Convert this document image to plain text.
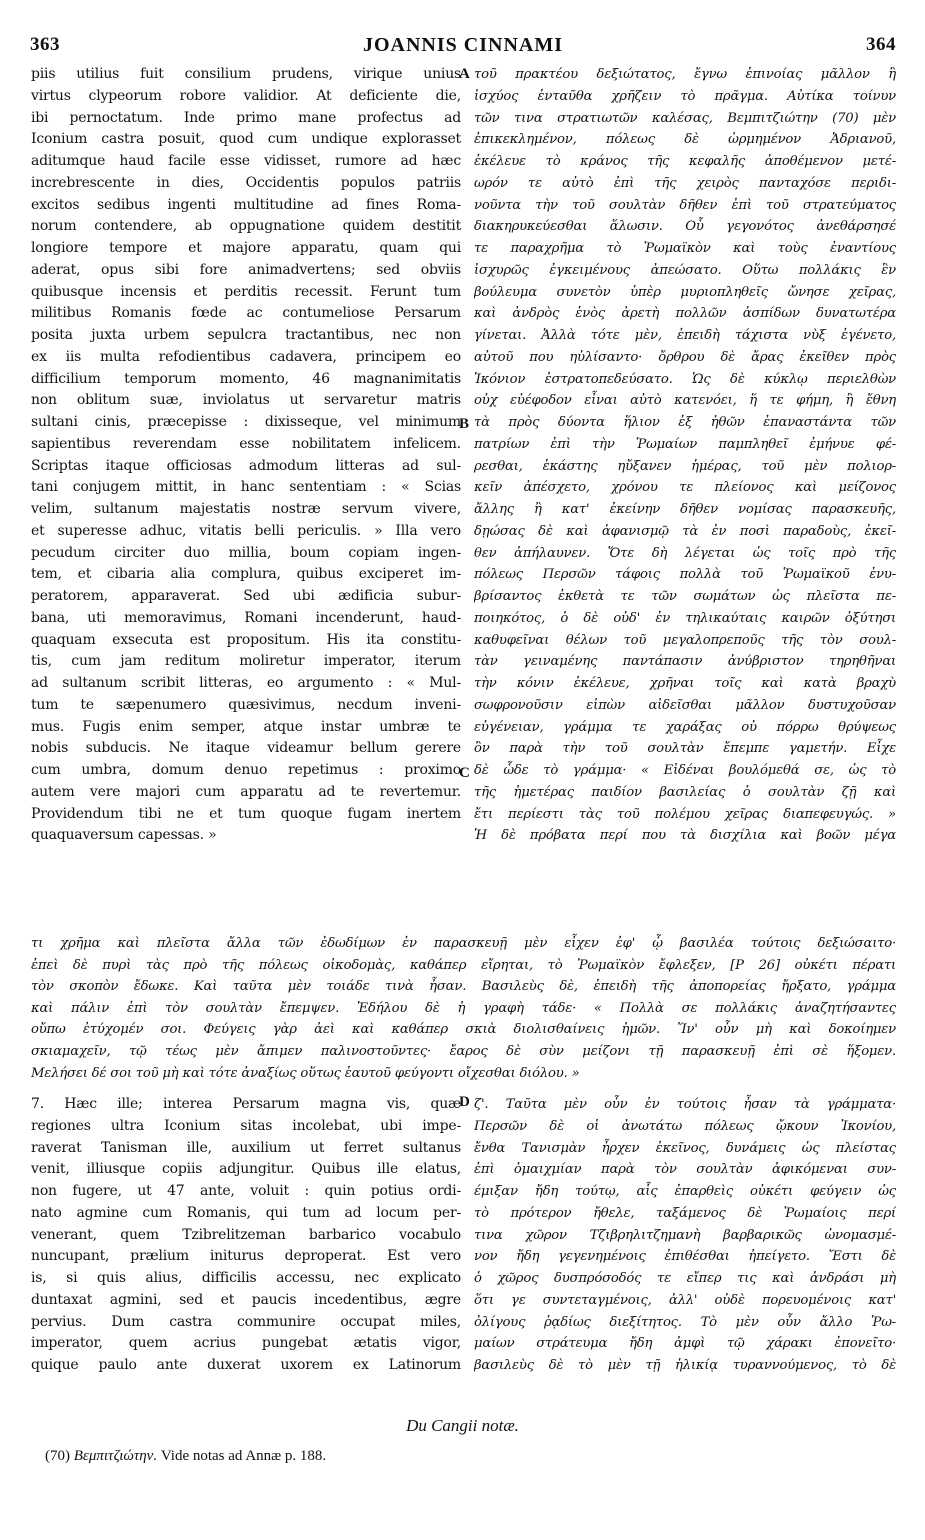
363	JOANNIS CINNAMI	364
piis utilius fuit consilium prudens, virique unius
virtus clypeorum robore validior. At deficiente die,
ibi pernoctatum. Inde primo mane profectus ad
Iconium castra posuit, quod cum undique explorasset
aditumque haud facile esse vidisset, rumore ad hæc
increbrescente in dies, Occidentis populos patriis
excitos sedibus ingenti multitudine ad fines Roma-
norum contendere, ab oppugnatione quidem destitit
longiore tempore et majore apparatu, quam qui
aderat, opus sibi fore animadvertens; sed obviis
quibusque incensis et perditis recessit. Ferunt tum
militibus Romanis fœde ac contumeliose Persarum
posita juxta urbem sepulcra tractantibus, nec non
ex iis multa refodientibus cadavera, principem eo
difficilium temporum momento, 46 magnanimitatis
non oblitum suæ, inviolatus ut servaretur matris
sultani cinis, præcepisse : dixisseque, vel minimum
sapientibus reverendam esse nobilitatem infelicem.
Scriptas itaque officiosas admodum litteras ad sul-
tani conjugem mittit, in hanc sententiam : « Scias
velim, sultanum majestatis nostræ servum vivere,
et superesse adhuc, vitatis belli periculis. » Illa vero
pecudum circiter duo millia, boum copiam ingen-
tem, et cibaria alia complura, quibus exciperet im-
peratorem, apparaverat. Sed ubi ædificia subur-
bana, uti memoravimus, Romani incenderunt, haud-
quaquam exsecuta est propositum. His ita constitu-
tis, cum jam reditum moliretur imperator, iterum
ad sultanum scribit litteras, eo argumento : « Mul-
tum te sæpenumero quæsivimus, necdum inveni-
mus. Fugis enim semper, atque instar umbræ te
nobis subducis. Ne itaque videamur bellum gerere
cum umbra, domum denuo repetimus : proximo
autem vere majori cum apparatu ad te revertemur.
Providendum tibi ne et tum quoque fugam inertem
quaquaversum capessas. »
τοῦ πρακτέου δεξιώτατος, ἔγνω ἐπινοίας μᾶλλον ἢ
ἰσχύος ἐνταῦθα χρῆζειν τὸ πρᾶγμα. Αὐτίκα τοίνυν
τῶν τινα στρατιωτῶν καλέσας, Βεμπιτζιώτην (70) μὲν
ἐπικεκλημένον, πόλεως δὲ ὡρμημένον Ἀδριανοῦ,
ἐκέλευε τὸ κράνος τῆς κεφαλῆς ἀποθέμενον μετέ-
ωρόν τε αὐτὸ ἐπὶ τῆς χειρὸς πανταχόσε περιδι-
νοῦντα τὴν τοῦ σουλτὰν δῆθεν ἐπὶ τοῦ στρατεύματος
διακηρυκεύεσθαι ἅλωσιν. Οὗ γεγονότος ἀνεθάρσησέ
τε παραχρῆμα τὸ Ῥωμαϊκὸν καὶ τοὺς ἐναντίους
ἰσχυρῶς ἐγκειμένους ἀπεώσατο. Οὕτω πολλάκις ἓν
βούλευμα συνετὸν ὑπὲρ μυριοπληθεῖς ὤνησε χεῖρας,
καὶ ἀνδρὸς ἑνὸς ἀρετὴ πολλῶν ἀσπίδων δυνατωτέρα
γίνεται. Ἀλλὰ τότε μὲν, ἐπειδὴ τάχιστα νὺξ ἐγένετο,
αὐτοῦ που ηὐλίσαντο· ὄρθρου δὲ ἄρας ἐκεῖθεν πρὸς
Ἰκόνιον ἐστρατοπεδεύσατο. Ὡς δὲ κύκλῳ περιελθὼν
οὐχ εὐέφοδον εἶναι αὐτὸ κατενόει, ἥ τε φήμη, ἢ ἔθνη
τὰ πρὸς δύοντα ἥλιον ἐξ ἠθῶν ἐπαναστάντα τῶν
πατρίων ἐπὶ τὴν Ῥωμαίων παμπληθεῖ ἐμήνυε φέ-
ρεσθαι, ἑκάστης ηὔξανεν ἡμέρας, τοῦ μὲν πολιορ-
κεῖν ἀπέσχετο, χρόνου τε πλείονος καὶ μείζονος
ἄλλης ἢ κατ' ἐκείνην δῆθεν νομίσας παρασκευῆς,
δῃώσας δὲ καὶ ἀφανισμῷ τὰ ἐν ποσὶ παραδοὺς, ἐκεῖ-
θεν ἀπήλαυνεν. Ὅτε δὴ λέγεται ὡς τοῖς πρὸ τῆς
πόλεως Περσῶν τάφοις πολλὰ τοῦ Ῥωμαϊκοῦ ἐνυ-
βρίσαντος ἐκθετὰ τε τῶν σωμάτων ὡς πλεῖστα πε-
ποιηκότος, ὁ δὲ οὐδ' ἐν τηλικαύταις καιρῶν ὀξύτησι
καθυφεῖναι θέλων τοῦ μεγαλοπρεποῦς τῆς τὸν σουλ-
τὰν γειναμένης παντάπασιν ἀνύβριστον τηρηθῆναι
τὴν κόνιν ἐκέλευε, χρῆναι τοῖς καὶ κατὰ βραχὺ
σωφρονοῦσιν εἰπὼν αἰδεῖσθαι μᾶλλον δυστυχοῦσαν
εὐγένειαν, γράμμα τε χαράξας οὐ πόρρω θρύψεως
ὂν παρὰ τὴν τοῦ σουλτὰν ἔπεμπε γαμετήν. Εἶχε
δὲ ὧδε τὸ γράμμα· « Εἰδέναι βουλόμεθά σε, ὡς τὸ
τῆς ἡμετέρας παιδίον βασιλείας ὁ σουλτὰν ζῇ καὶ
ἔτι περίεστι τὰς τοῦ πολέμου χεῖρας διαπεφευγώς. »
Ἡ δὲ πρόβατα περί που τὰ δισχίλια καὶ βοῶν μέγα
A
B
C
D
τι χρῆμα καὶ πλεῖστα ἄλλα τῶν ἐδωδίμων ἐν παρασκευῇ μὲν εἶχεν ἐφ' ᾧ βασιλέα τούτοις δεξιώσαιτο·
ἐπεὶ δὲ πυρὶ τὰς πρὸ τῆς πόλεως οἰκοδομὰς, καθάπερ εἴρηται, τὸ Ῥωμαϊκὸν ἔφλεξεν, [P 26] οὐκέτι πέρατι
τὸν σκοπὸν ἔδωκε. Καὶ ταῦτα μὲν τοιάδε τινὰ ἦσαν. Βασιλεὺς δὲ, ἐπειδὴ τῆς ἀποπορείας ἤρξατο, γράμμα
καὶ πάλιν ἐπὶ τὸν σουλτὰν ἔπεμψεν. Ἐδήλου δὲ ἡ γραφὴ τάδε· « Πολλὰ σε πολλάκις ἀναζητήσαντες
οὔπω ἐτύχομέν σοι. Φεύγεις γὰρ ἀεὶ καὶ καθάπερ σκιὰ διολισθαίνεις ἡμῶν. Ἵν' οὖν μὴ καὶ δοκοίημεν
σκιαμαχεῖν, τῷ τέως μὲν ἄπιμεν παλινοστοῦντες· ἔαρος δὲ σὺν μείζονι τῇ παρασκευῇ ἐπὶ σὲ ἥξομεν.
Μελήσει δέ σοι τοῦ μὴ καὶ τότε ἀναξίως οὕτως ἑαυτοῦ φεύγοντι οἴχεσθαι διόλου. »
7. Hæc ille; interea Persarum magna vis, quæ
regiones ultra Iconium sitas incolebat, ubi impe-
raverat Tanisman ille, auxilium ut ferret sultanus
venit, illiusque copiis adjungitur. Quibus ille elatus,
non fugere, ut 47 ante, voluit : quin potius ordi-
nato agmine cum Romanis, qui tum ad locum per-
venerant, quem Tzibrelitzeman barbarico vocabulo
nuncupant, prælium initurus deproperat. Est vero
is, si quis alius, difficilis accessu, nec explicato
duntaxat agmini, sed et paucis incedentibus, ægre
pervius. Dum castra communire occupat miles,
imperator, quem acrius pungebat ætatis vigor,
quique paulo ante duxerat uxorem ex Latinorum
ζ'. Ταῦτα μὲν οὖν ἐν τούτοις ἦσαν τὰ γράμματα·
Περσῶν δὲ οἱ ἀνωτάτω πόλεως ᾤκουν Ἰκονίου,
ἔνθα Τανισμὰν ἦρχεν ἐκεῖνος, δυνάμεις ὡς πλείστας
ἐπὶ ὁμαιχμίαν παρὰ τὸν σουλτὰν ἀφικόμεναι συν-
έμιξαν ἤδη τούτῳ, αἷς ἐπαρθεὶς οὐκέτι φεύγειν ὡς
τὸ πρότερον ἤθελε, ταξάμενος δὲ Ῥωμαίοις περί
τινα χῶρον Τζιβρηλιτζημανὴ βαρβαρικῶς ὠνομασμέ-
νον ἤδη γεγενημένοις ἐπιθέσθαι ἠπείγετο. Ἔστι δὲ
ὁ χῶρος δυσπρόσοδός τε εἴπερ τις καὶ ἀνδράσι μὴ
ὅτι γε συντεταγμένοις, ἀλλ' οὐδὲ πορευομένοις κατ'
ὀλίγους ῥᾳδίως διεξίτητος. Τὸ μὲν οὖν ἄλλο Ῥω-
μαίων στράτευμα ἤδη ἀμφὶ τῷ χάρακι ἐπονεῖτο·
βασιλεὺς δὲ τὸ μὲν τῇ ἡλικίᾳ τυραννούμενος, τὸ δὲ
Du Cangii notæ.
(70) Βεμπιτζιώτην. Vide notas ad Annæ p. 188.
